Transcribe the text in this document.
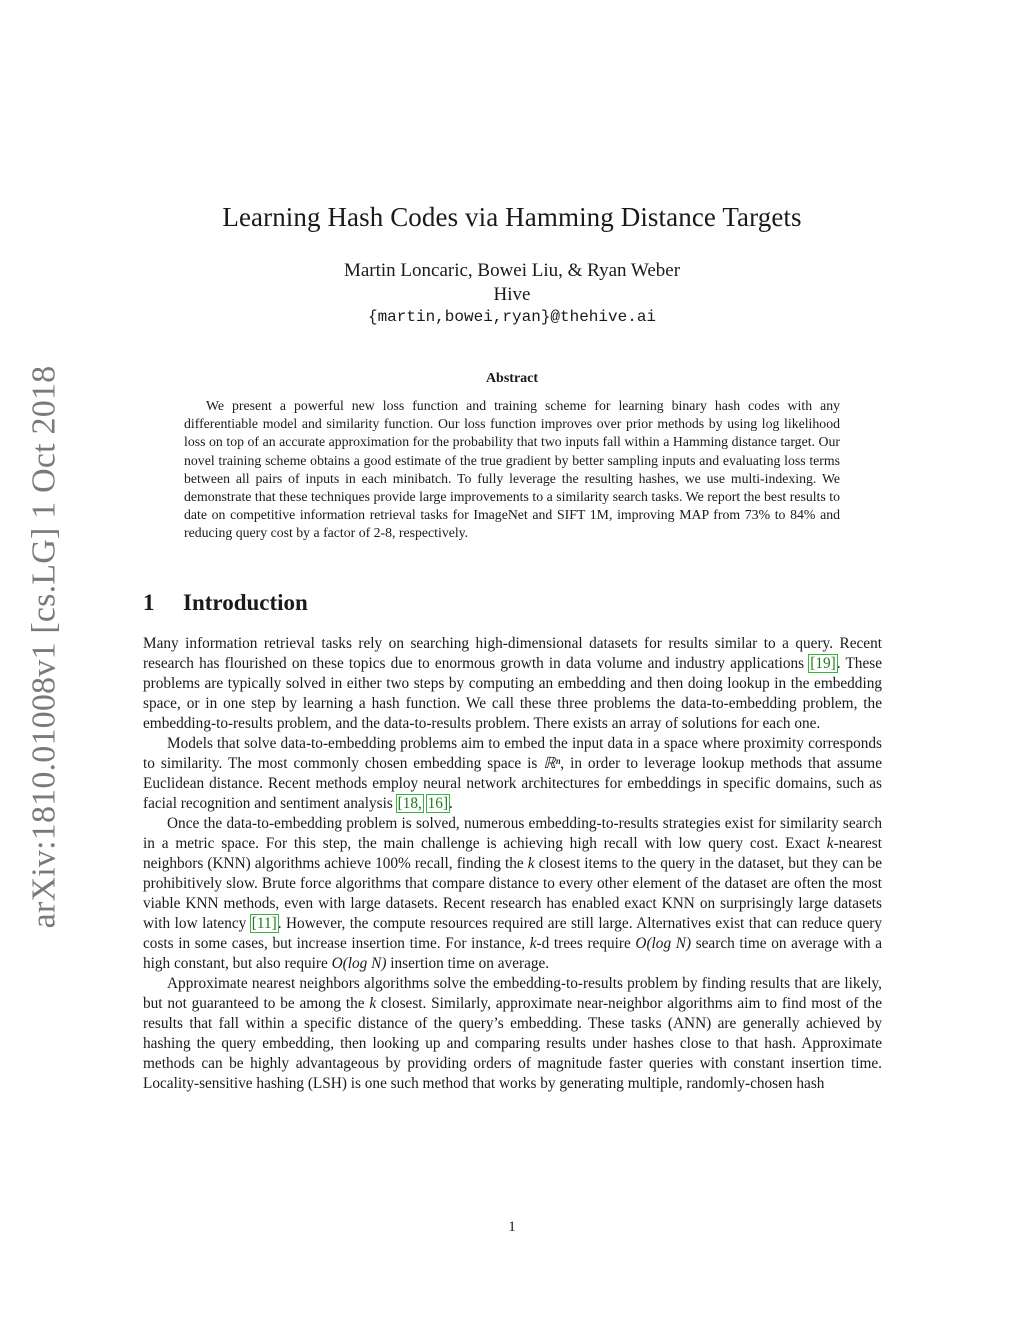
arXiv:1810.01008v1 [cs.LG] 1 Oct 2018
Learning Hash Codes via Hamming Distance Targets
Martin Loncaric, Bowei Liu, & Ryan Weber
Hive
{martin,bowei,ryan}@thehive.ai
Abstract

We present a powerful new loss function and training scheme for learning binary hash codes with any differentiable model and similarity function. Our loss function improves over prior methods by using log likelihood loss on top of an accurate approximation for the probability that two inputs fall within a Hamming distance target. Our novel training scheme obtains a good estimate of the true gradient by better sampling inputs and evaluating loss terms between all pairs of inputs in each minibatch. To fully leverage the resulting hashes, we use multi-indexing. We demonstrate that these techniques provide large improvements to a similarity search tasks. We report the best results to date on competitive information retrieval tasks for ImageNet and SIFT 1M, improving MAP from 73% to 84% and reducing query cost by a factor of 2-8, respectively.

1 Introduction

Many information retrieval tasks rely on searching high-dimensional datasets for results similar to a query. Recent research has flourished on these topics due to enormous growth in data volume and industry applications [19]. These problems are typically solved in either two steps by computing an embedding and then doing lookup in the embedding space, or in one step by learning a hash function. We call these three problems the data-to-embedding problem, the embedding-to-results problem, and the data-to-results problem. There exists an array of solutions for each one.

Models that solve data-to-embedding problems aim to embed the input data in a space where proximity corresponds to similarity. The most commonly chosen embedding space is ℝⁿ, in order to leverage lookup methods that assume Euclidean distance. Recent methods employ neural network architectures for embeddings in specific domains, such as facial recognition and sentiment analysis [18, 16].

Once the data-to-embedding problem is solved, numerous embedding-to-results strategies exist for similarity search in a metric space. For this step, the main challenge is achieving high recall with low query cost. Exact k-nearest neighbors (KNN) algorithms achieve 100% recall, finding the k closest items to the query in the dataset, but they can be prohibitively slow. Brute force algorithms that compare distance to every other element of the dataset are often the most viable KNN methods, even with large datasets. Recent research has enabled exact KNN on surprisingly large datasets with low latency [11]. However, the compute resources required are still large. Alternatives exist that can reduce query costs in some cases, but increase insertion time. For instance, k-d trees require O(log N) search time on average with a high constant, but also require O(log N) insertion time on average.

Approximate nearest neighbors algorithms solve the embedding-to-results problem by finding results that are likely, but not guaranteed to be among the k closest. Similarly, approximate near-neighbor algorithms aim to find most of the results that fall within a specific distance of the query’s embedding. These tasks (ANN) are generally achieved by hashing the query embedding, then looking up and comparing results under hashes close to that hash. Approximate methods can be highly advantageous by providing orders of magnitude faster queries with constant insertion time. Locality-sensitive hashing (LSH) is one such method that works by generating multiple, randomly-chosen hash

1
